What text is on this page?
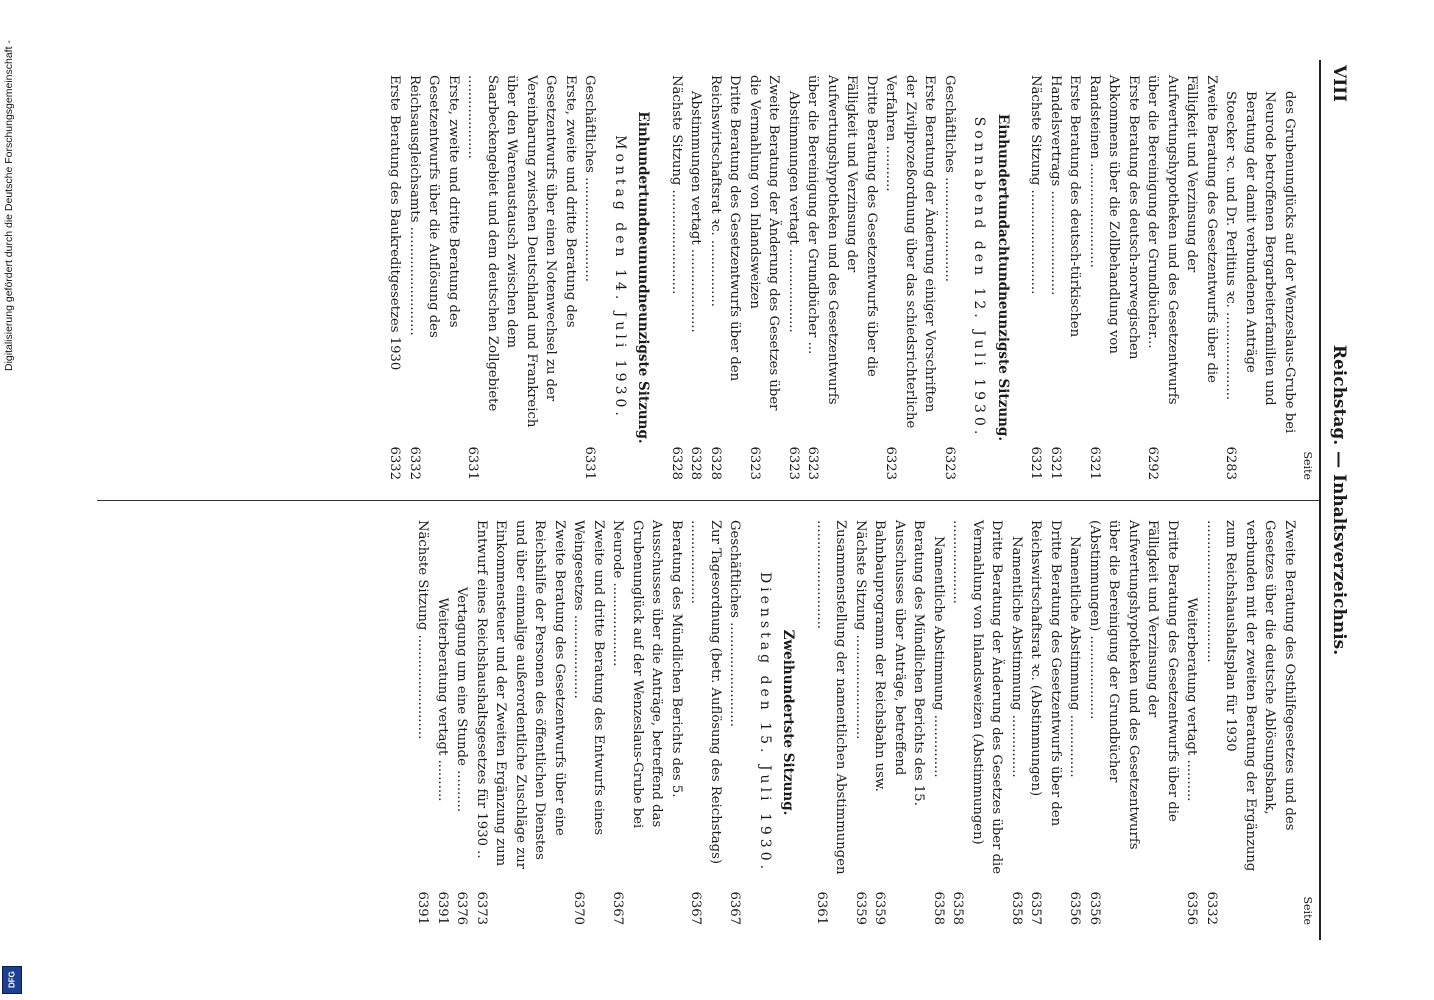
VIII
Reichstag. — Inhaltsverzeichnis.
Seite
des Grubenunglücks auf der Wenzeslaus-Grube bei Neurode betroffenen Bergarbeiterfamilien und Beratung der damit verbundenen Anträge Stoecker ꝛc. und Dr. Perlitius ꝛc. .....................
6283
Zweite Beratung des Gesetzentwurfs über die Fälligkeit und Verzinsung der Aufwertungshypotheken und des Gesetzentwurfs über die Bereinigung der Grundbücher...
6292
Erste Beratung des deutsch-norwegischen Abkommens über die Zollbehandlung von Randsteinen .........................
6321
Erste Beratung des deutsch-türkischen Handelsvertrags .........................
6321
Nächste Sitzung .........................
6321
Einhundertundachtundneunzigste Sitzung.
Sonnabend den 12. Juli 1930.
Geschäftliches .........................
6323
Erste Beratung der Änderung einiger Vorschriften der Zivilprozeßordnung über das schiedsrichterliche Verfahren ...........
6323
Dritte Beratung des Gesetzentwurfs über die Fälligkeit und Verzinsung der Aufwertungshypotheken und des Gesetzentwurfs über die Bereinigung der Grundbücher ...
6323
Abstimmungen vertagt ....................
6323
Zweite Beratung der Änderung des Gesetzes über die Vermahlung von Inlandsweizen
6323
Dritte Beratung des Gesetzentwurfs über den Reichswirtschaftsrat ꝛc. ................
6328
Abstimmungen vertagt ....................
6328
Nächste Sitzung .........................
6328
Einhundertundneunundneunzigste Sitzung.
Montag den 14. Juli 1930.
Geschäftliches .........................
6331
Erste, zweite und dritte Beratung des Gesetzentwurfs über einen Notenwechsel zu der Vereinbarung zwischen Deutschland und Frankreich über den Warenaustausch zwischen dem Saarbeckengebiet und dem deutschen Zollgebiete ....................
6331
Erste, zweite und dritte Beratung des Gesetzentwurfs über die Auflösung des Reichsausgleichsamts ..........................
6332
Erste Beratung des Baukreditgesetzes 1930
6332
Seite
Zweite Beratung des Osthilfegesetzes und des Gesetzes über die deutsche Ablösungsbank, verbunden mit der zweiten Beratung der Ergänzung zum Reichshaushaltsplan für 1930 ..................................
6332
Weiterberatung vertagt ..........
6356
Dritte Beratung des Gesetzentwurfs über die Fälligkeit und Verzinsung der Aufwertungshypotheken und des Gesetzentwurfs über die Bereinigung der Grundbücher (Abstimmungen) ....................
6356
Namentliche Abstimmung ...............
6356
Dritte Beratung des Gesetzentwurfs über den Reichswirtschaftsrat ꝛc. (Abstimmungen)
6357
Namentliche Abstimmung ...............
6358
Dritte Beratung der Änderung des Gesetzes über die Vermahlung von Inlandsweizen (Abstimmungen) ....................
6358
Namentliche Abstimmung ...............
6358
Beratung des Mündlichen Berichts des 15. Ausschusses über Anträge, betreffend Bahnbauprogramm der Reichsbahn usw.
6359
Nächste Sitzung .........................
6359
Zusammenstellung der namentlichen Abstimmungen ..........................
6361
Zweihundertste Sitzung.
Dienstag den 15. Juli 1930.
Geschäftliches .........................
6367
Zur Tagesordnung (betr. Auflösung des Reichstags) ....................
6367
Beratung des Mündlichen Berichts des 5. Ausschusses über die Anträge, betreffend das Grubenunglück auf der Wenzeslaus-Grube bei Neurode ....................
6367
Zweite und dritte Beratung des Entwurfs eines Weingesetzes ....................
6370
Zweite Beratung des Gesetzentwurfs über eine Reichshilfe der Personen des öffentlichen Dienstes und über einmalige außerordentliche Zuschläge zur Einkommensteuer und der Zweiten Ergänzung zum Entwurf eines Reichshaushaltsgesetzes für 1930 ..
6373
Vertagung um eine Stunde ..........
6376
Weiterberatung vertagt ..........
6391
Nächste Sitzung .........................
6391
Digitalisierung gefördert durch die Deutsche Forschungsgemeinschaft -
DFG
